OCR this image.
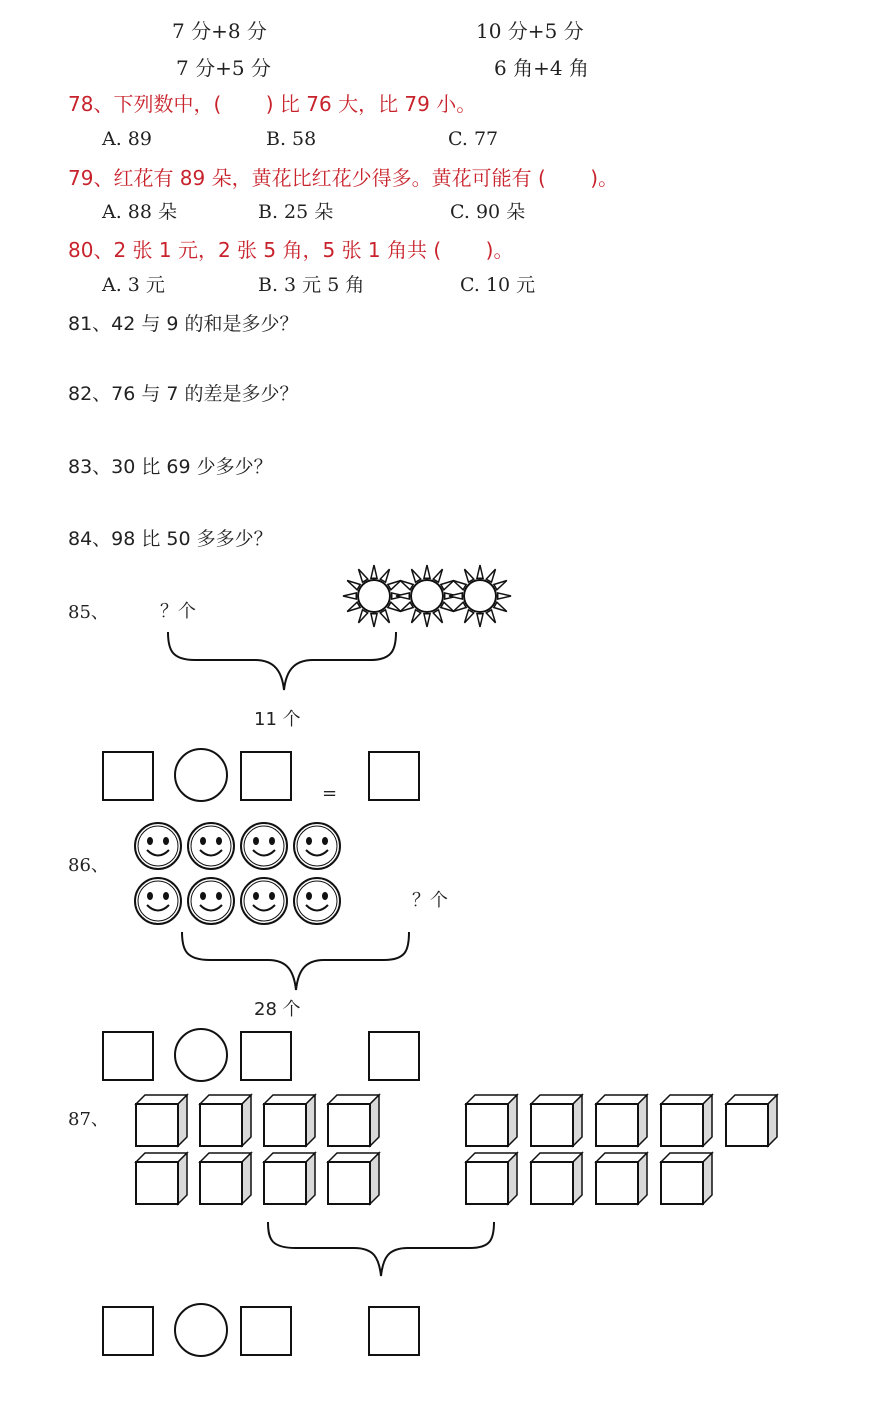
7 分+8 分	10 分+5 分
7 分+5 分	6 角+4 角
78、下列数中，(       ) 比 76 大，比 79 小。
A. 89	B. 58	C. 77
79、红花有 89 朵，黄花比红花少得多。黄花可能有 (       )。
A. 88 朵	B. 25 朵	C. 90 朵
80、2 张 1 元，2 张 5 角，5 张 1 角共 (       )。
A. 3 元	B. 3 元 5 角	C. 10 元
81、42 与 9 的和是多少？
82、76 与 7 的差是多少？
83、30 比 69 少多少？
84、98 比 50 多多少？
85、	？个
11 个
=
86、
？个
28 个
87、
